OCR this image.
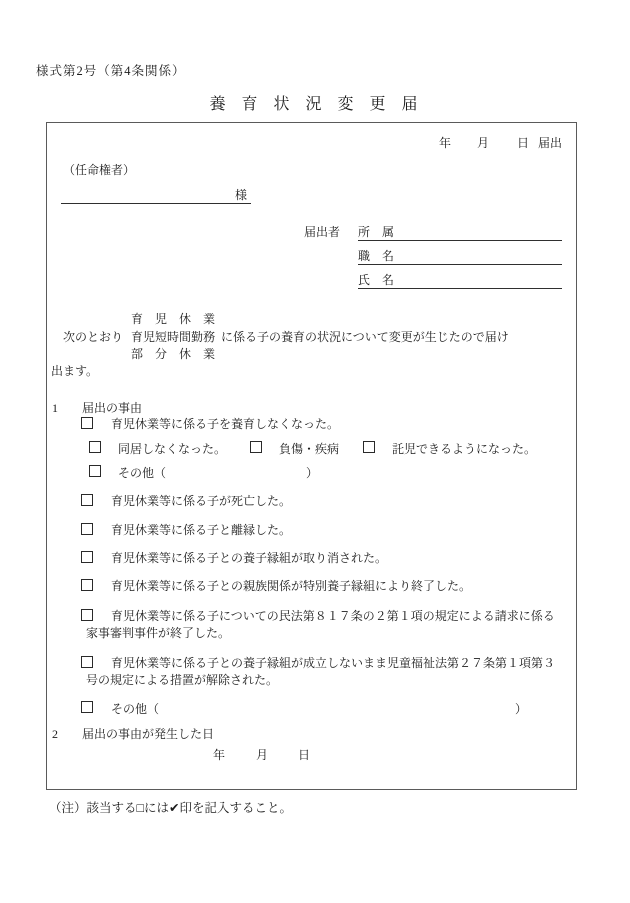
様式第2号（第4条関係）
養 育 状 況 変 更 届
年 月 日 届出
（任命権者）
様
届出者 所　属
職　名
氏　名
次のとおり
育　児　休　業
育児短時間勤務
部　分　休　業
に係る子の養育の状況について変更が生じたので届け
出ます。
1 届出の事由
育児休業等に係る子を養育しなくなった。
同居しなくなった。	負傷・疾病	託児できるようになった。
その他（	）
育児休業等に係る子が死亡した。
育児休業等に係る子と離縁した。
育児休業等に係る子との養子縁組が取り消された。
育児休業等に係る子との親族関係が特別養子縁組により終了した。
育児休業等に係る子についての民法第８１７条の２第１項の規定による請求に係る
家事審判事件が終了した。
育児休業等に係る子との養子縁組が成立しないまま児童福祉法第２７条第１項第３
号の規定による措置が解除された。
その他（	）
2 届出の事由が発生した日
年	月	日
（注）該当する□には✔印を記入すること。
